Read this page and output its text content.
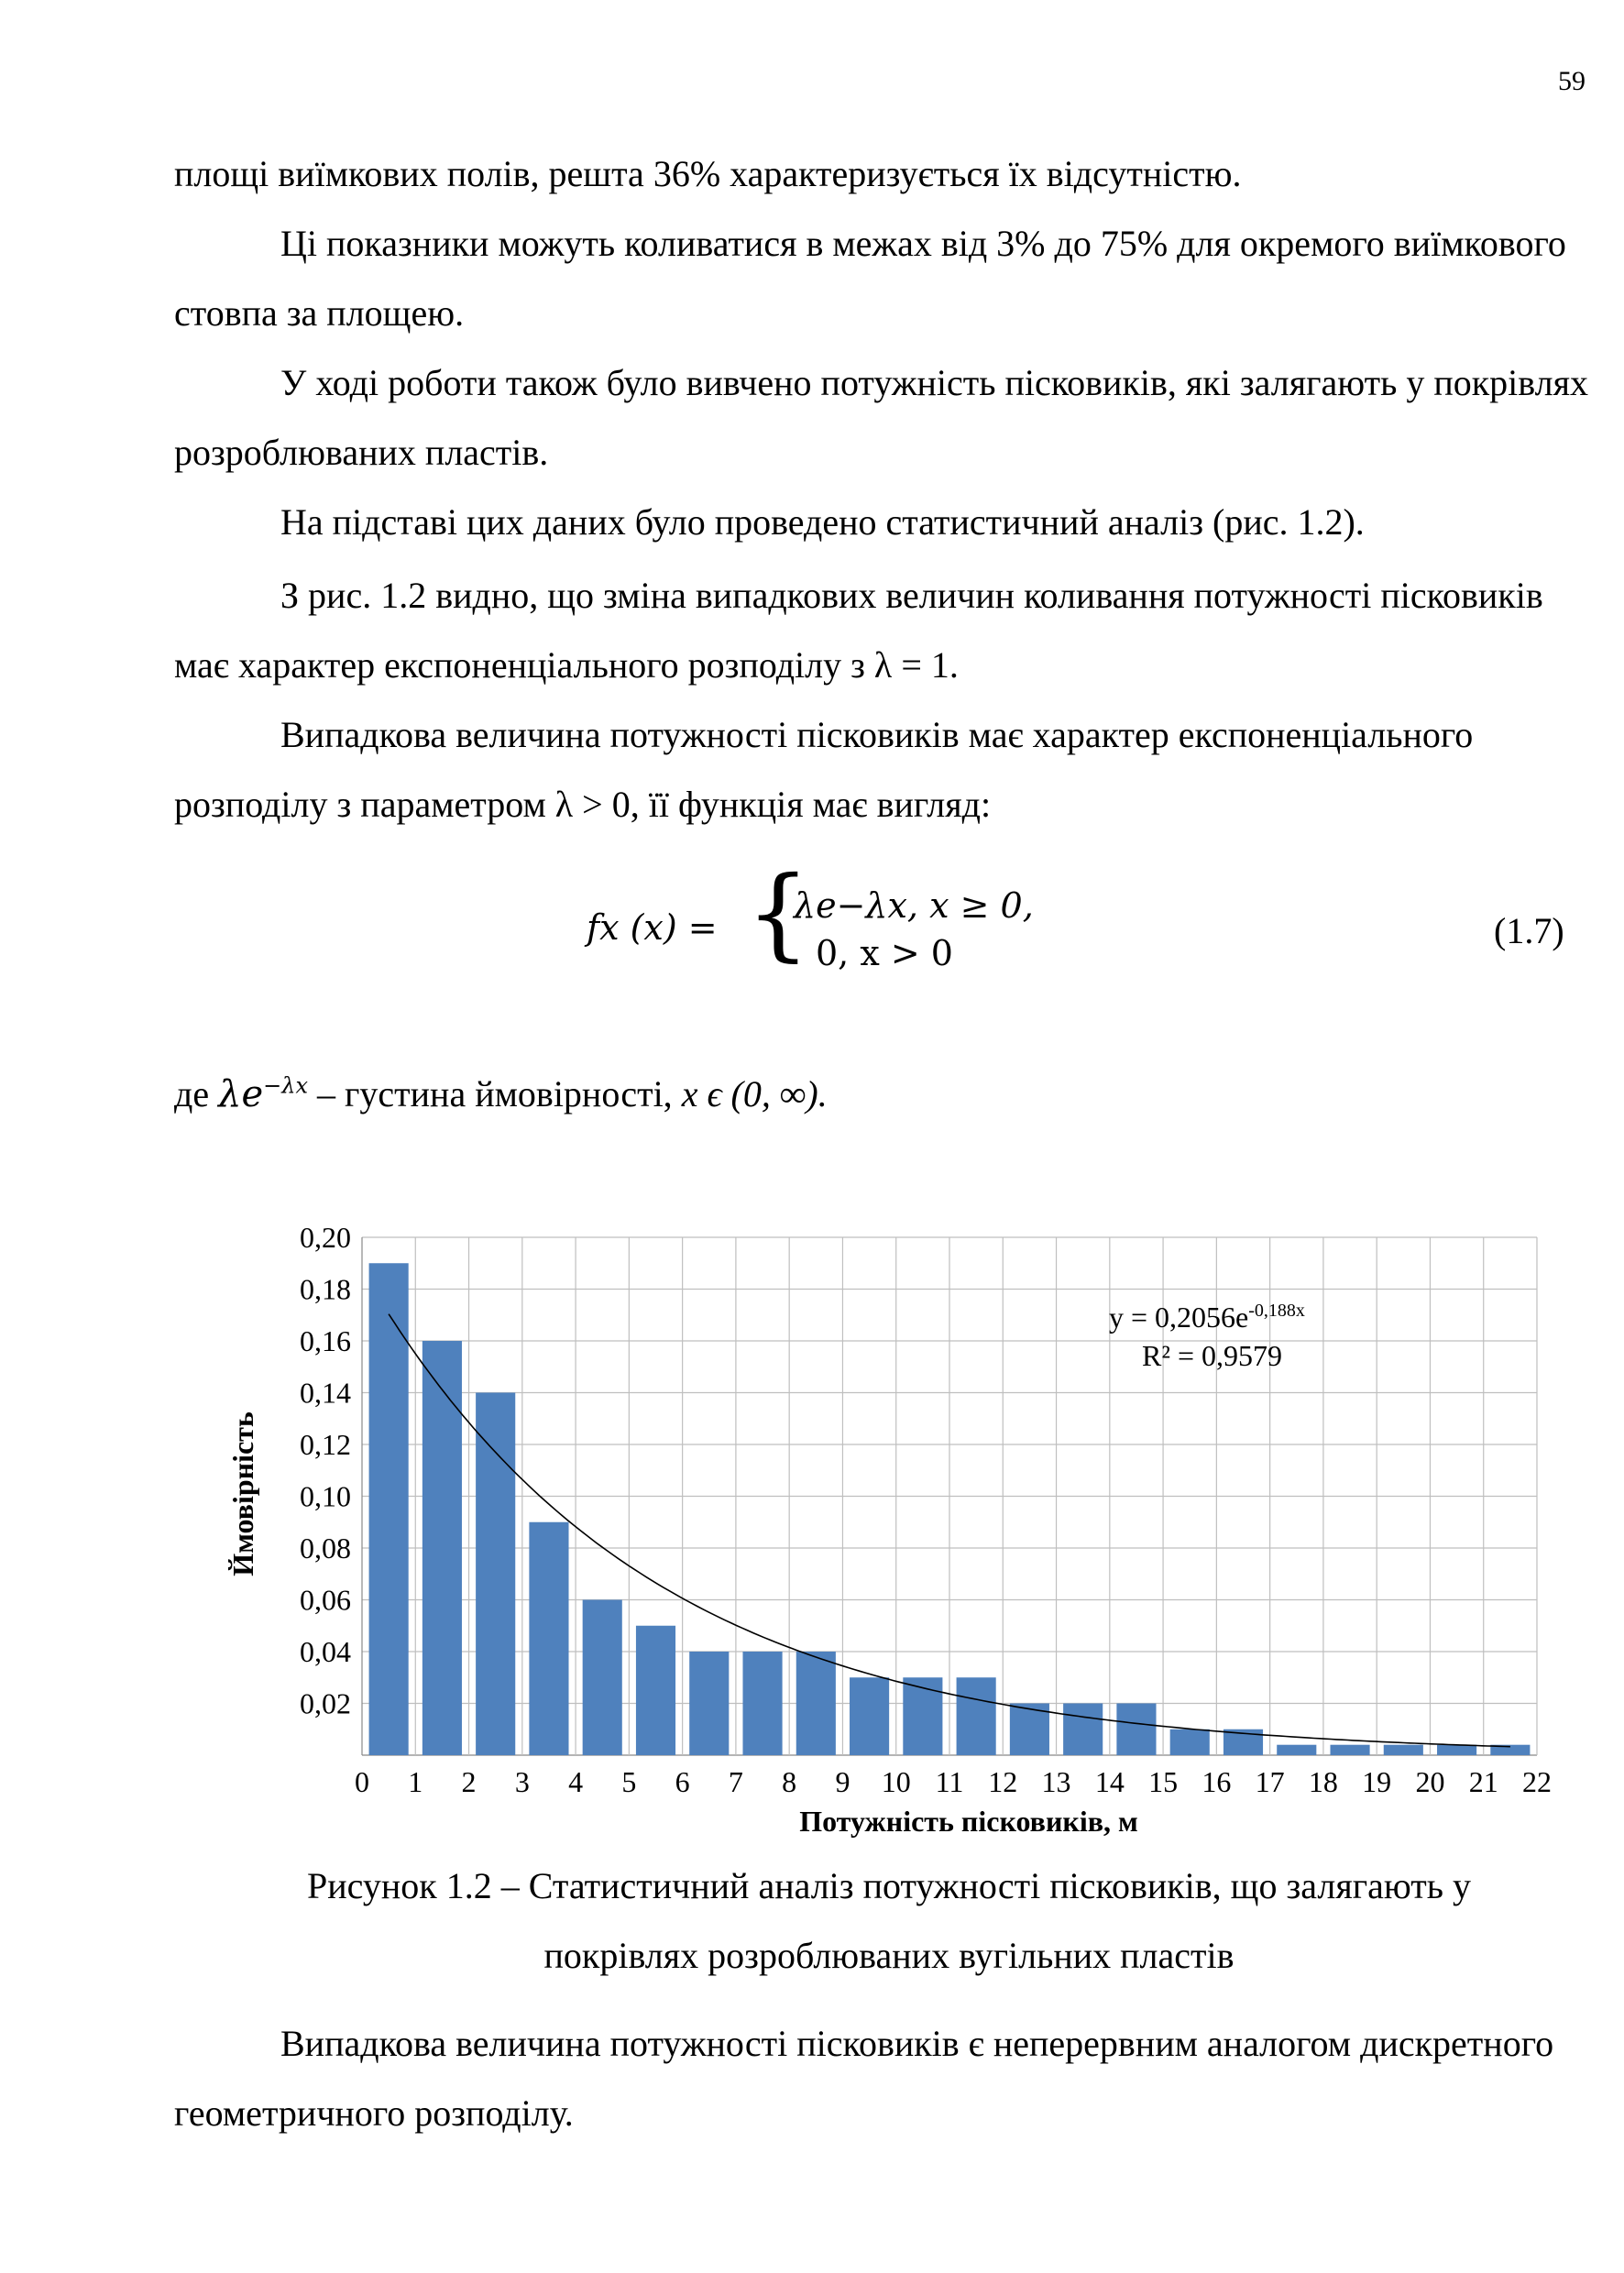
59

площі виїмкових полів, решта 36% характеризується їх відсутністю.

Ці показники можуть коливатися в межах від 3% до 75% для окремого виїмкового стовпа за площею.

У ході роботи також було вивчено потужність пісковиків, які залягають у покрівлях розроблюваних пластів.

На підставі цих даних було проведено статистичний аналіз (рис. 1.2).

З рис. 1.2 видно, що зміна випадкових величин коливання потужності пісковиків має характер експоненціального розподілу з λ = 1.

Випадкова величина потужності пісковиків має характер експоненціального розподілу з параметром λ > 0, її функція має вигляд:

fx (x) = {
λe−λx, x ≥ 0,
0, x > 0
(1.7)
де $\lambda e^{-\lambda x}$ – густина ймовірності, x ϵ (0, ∞).
0,02
0,04
0,06
0,08
0,10
0,12
0,14
0,16
0,18
0,20
0 1 2 3 4 5 6 7 8 9 10 11 12 13 14 15 16 17 18 19 20 21 22
Ймовірність
Потужність пісковиків, м
$y = 0,2056e^{-0,188x}$
R² = 0,9579
Рисунок 1.2 – Статистичний аналіз потужності пісковиків, що залягають у
покрівлях розроблюваних вугільних пластів

Випадкова величина потужності пісковиків є неперервним аналогом дискретного геометричного розподілу.
